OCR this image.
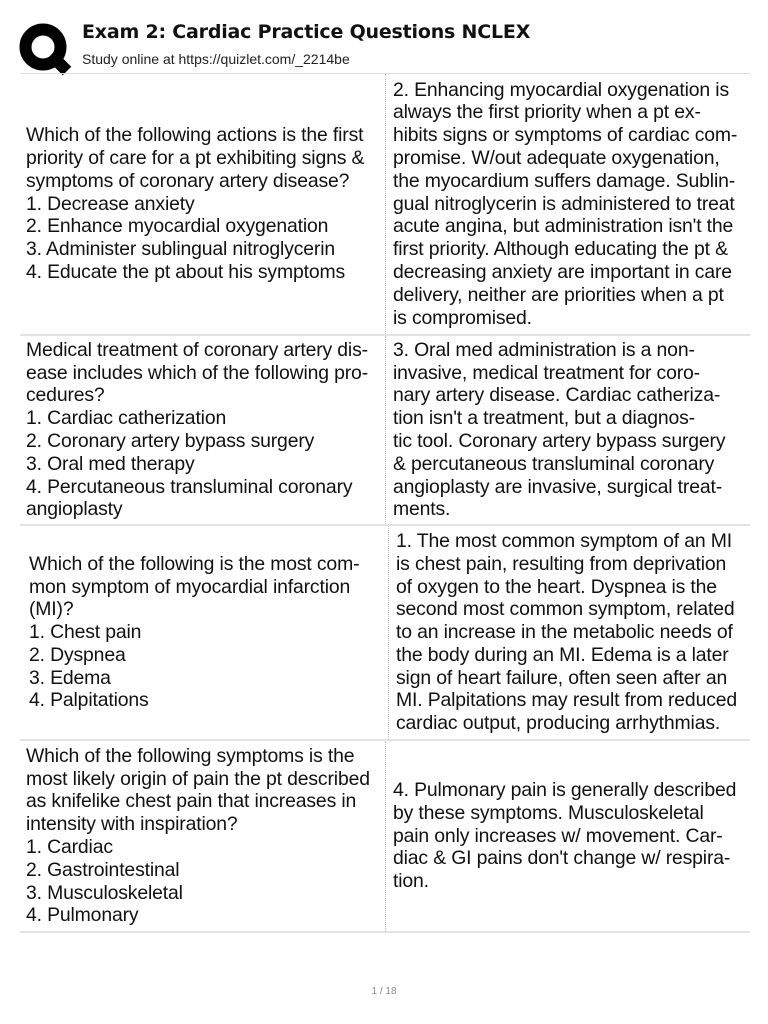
Exam 2: Cardiac Practice Questions NCLEX
Study online at https://quizlet.com/_2214be
Which of the following actions is the first
priority of care for a pt exhibiting signs &
symptoms of coronary artery disease?
1. Decrease anxiety
2. Enhance myocardial oxygenation
3. Administer sublingual nitroglycerin
4. Educate the pt about his symptoms
2. Enhancing myocardial oxygenation is
always the first priority when a pt ex-
hibits signs or symptoms of cardiac com-
promise. W/out adequate oxygenation,
the myocardium suffers damage. Sublin-
gual nitroglycerin is administered to treat
acute angina, but administration isn't the
first priority. Although educating the pt &
decreasing anxiety are important in care
delivery, neither are priorities when a pt
is compromised.
Medical treatment of coronary artery dis-
ease includes which of the following pro-
cedures?
1. Cardiac catherization
2. Coronary artery bypass surgery
3. Oral med therapy
4. Percutaneous transluminal coronary
angioplasty
3. Oral med administration is a non-
invasive, medical treatment for coro-
nary artery disease. Cardiac catheriza-
tion isn't a treatment, but a diagnos-
tic tool. Coronary artery bypass surgery
& percutaneous transluminal coronary
angioplasty are invasive, surgical treat-
ments.
Which of the following is the most com-
mon symptom of myocardial infarction
(MI)?
1. Chest pain
2. Dyspnea
3. Edema
4. Palpitations
1. The most common symptom of an MI
is chest pain, resulting from deprivation
of oxygen to the heart. Dyspnea is the
second most common symptom, related
to an increase in the metabolic needs of
the body during an MI. Edema is a later
sign of heart failure, often seen after an
MI. Palpitations may result from reduced
cardiac output, producing arrhythmias.
Which of the following symptoms is the
most likely origin of pain the pt described
as knifelike chest pain that increases in
intensity with inspiration?
1. Cardiac
2. Gastrointestinal
3. Musculoskeletal
4. Pulmonary
4. Pulmonary pain is generally described
by these symptoms. Musculoskeletal
pain only increases w/ movement. Car-
diac & GI pains don't change w/ respira-
tion.
1 / 18
